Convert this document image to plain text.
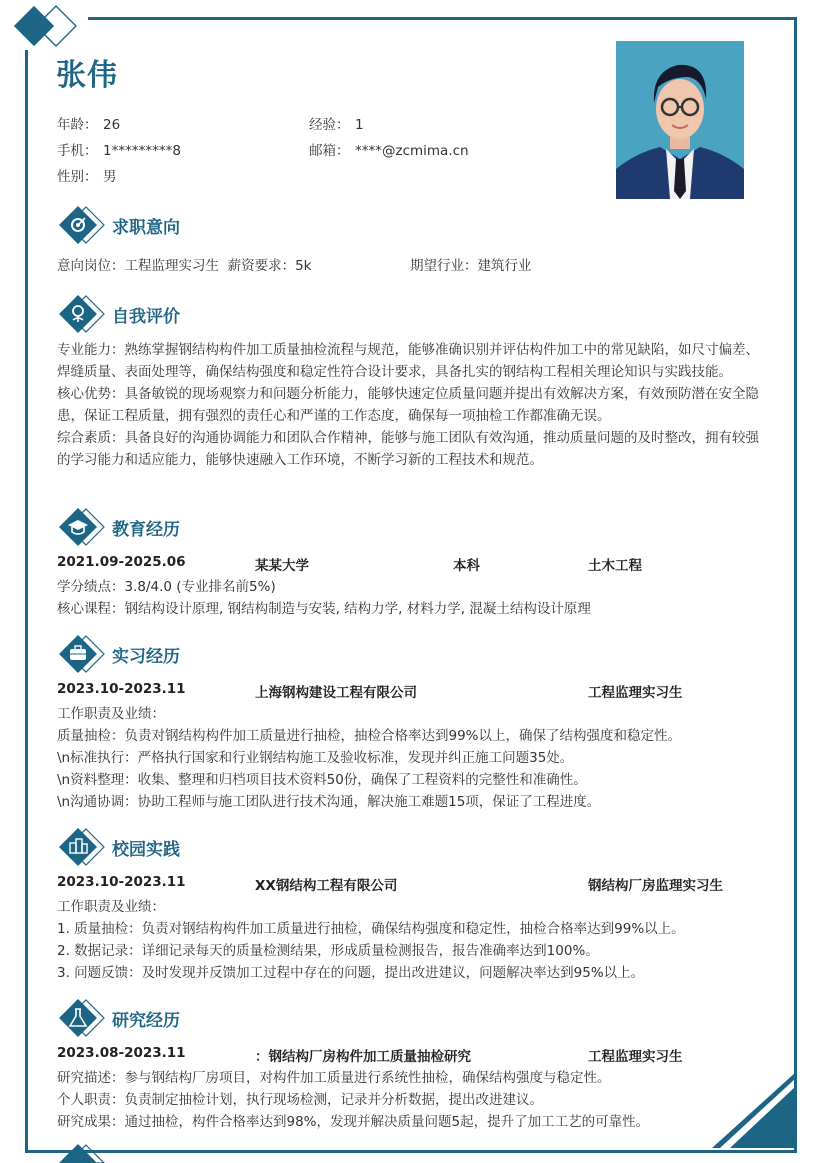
张伟
年龄： 26	经验： 1
手机： 1*********8	邮箱： ****@zcmima.cn
性别： 男
求职意向
意向岗位：工程监理实习生 薪资要求：5k	期望行业：建筑行业
自我评价
专业能力：熟练掌握钢结构构件加工质量抽检流程与规范，能够准确识别并评估构件加工中的常见缺陷，如尺寸偏差、焊缝质量、表面处理等，确保结构强度和稳定性符合设计要求，具备扎实的钢结构工程相关理论知识与实践技能。
核心优势：具备敏锐的现场观察力和问题分析能力，能够快速定位质量问题并提出有效解决方案，有效预防潜在安全隐患，保证工程质量，拥有强烈的责任心和严谨的工作态度，确保每一项抽检工作都准确无误。
综合素质：具备良好的沟通协调能力和团队合作精神，能够与施工团队有效沟通，推动质量问题的及时整改，拥有较强的学习能力和适应能力，能够快速融入工作环境，不断学习新的工程技术和规范。
教育经历
2021.09-2025.06	某某大学	本科	土木工程
学分绩点：3.8/4.0 (专业排名前5%)
核心课程：钢结构设计原理, 钢结构制造与安装, 结构力学, 材料力学, 混凝土结构设计原理
实习经历
2023.10-2023.11	上海钢构建设工程有限公司	工程监理实习生
工作职责及业绩：
质量抽检：负责对钢结构构件加工质量进行抽检，抽检合格率达到99%以上，确保了结构强度和稳定性。
\n标准执行：严格执行国家和行业钢结构施工及验收标准，发现并纠正施工问题35处。
\n资料整理：收集、整理和归档项目技术资料50份，确保了工程资料的完整性和准确性。
\n沟通协调：协助工程师与施工团队进行技术沟通，解决施工难题15项，保证了工程进度。
校园实践
2023.10-2023.11	XX钢结构工程有限公司	钢结构厂房监理实习生
工作职责及业绩：
1. 质量抽检：负责对钢结构构件加工质量进行抽检，确保结构强度和稳定性，抽检合格率达到99%以上。
2. 数据记录：详细记录每天的质量检测结果，形成质量检测报告，报告准确率达到100%。
3. 问题反馈：及时发现并反馈加工过程中存在的问题，提出改进建议，问题解决率达到95%以上。
研究经历
2023.08-2023.11	：钢结构厂房构件加工质量抽检研究	工程监理实习生
研究描述：参与钢结构厂房项目，对构件加工质量进行系统性抽检，确保结构强度与稳定性。
个人职责：负责制定抽检计划，执行现场检测，记录并分析数据，提出改进建议。
研究成果：通过抽检，构件合格率达到98%，发现并解决质量问题5起，提升了加工工艺的可靠性。
